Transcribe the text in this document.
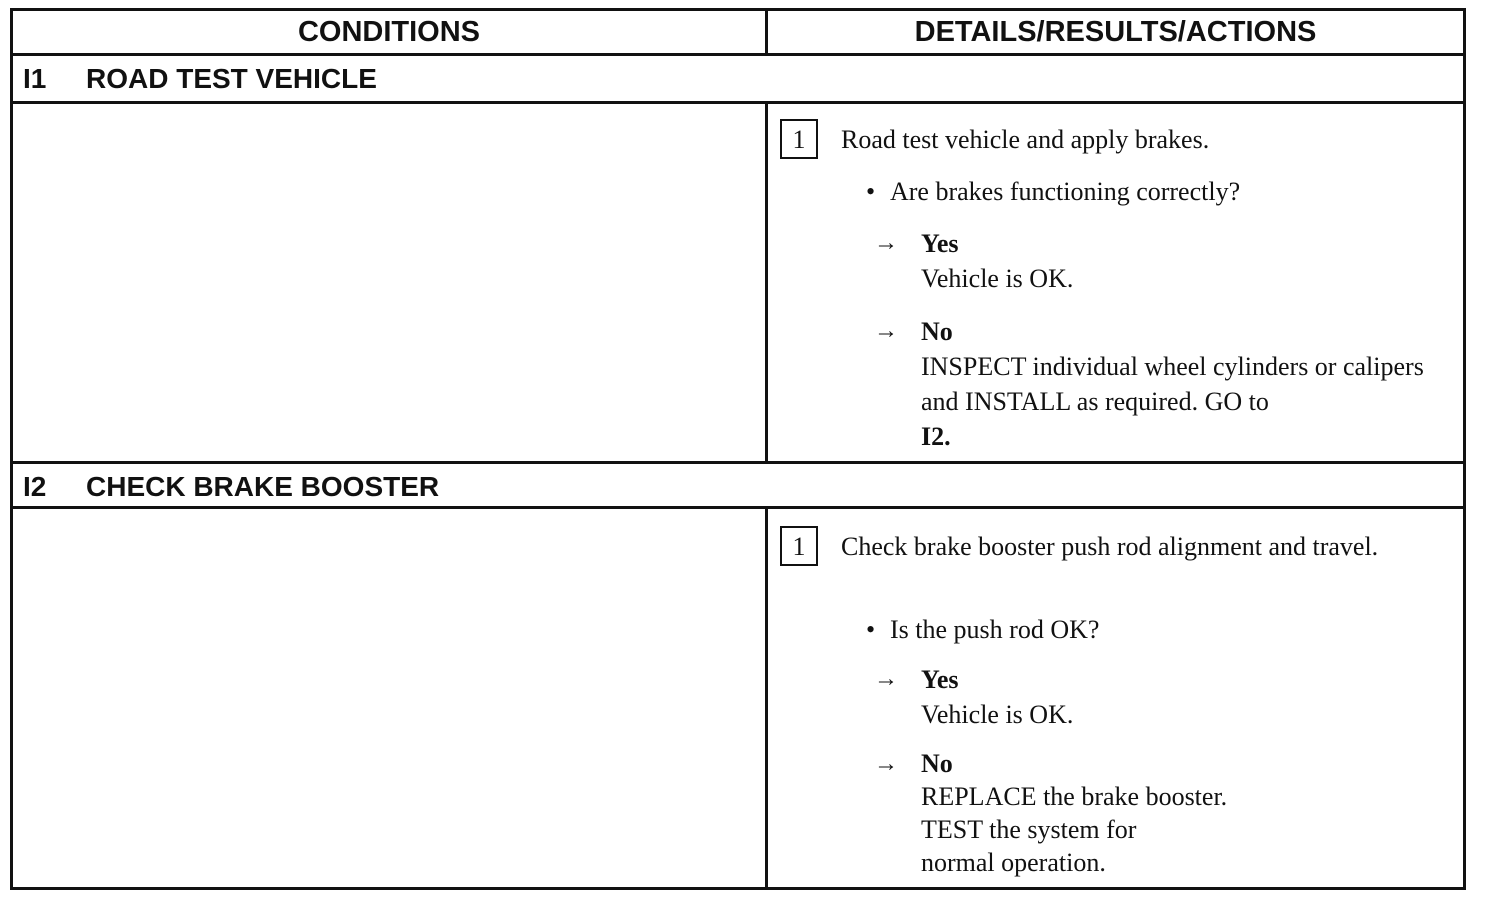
CONDITIONS	DETAILS/RESULTS/ACTIONS
I1 ROAD TEST VEHICLE
1	Road test vehicle and apply brakes.
• Are brakes functioning correctly?
→ Yes
Vehicle is OK.
→ No
INSPECT individual wheel cylinders or calipers and INSTALL as required. GO to
I2.
I2 CHECK BRAKE BOOSTER
1	Check brake booster push rod alignment and travel.
• Is the push rod OK?
→ Yes
Vehicle is OK.
→ No
REPLACE the brake booster.
TEST the system for
normal operation.
